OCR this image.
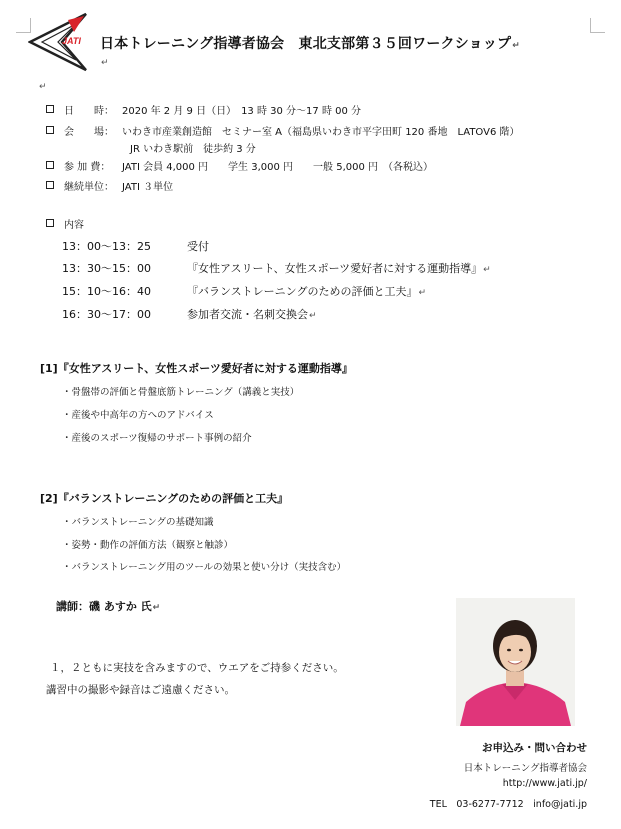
JATI 日本トレーニング指導者協会　東北支部第３５回ワークショップ↵
↵
↵
日　　時： 2020 年 2 月 9 日（日）　13 時 30 分～17 時 00 分
会　　場： いわき市産業創造館　セミナー室 A（福島県いわき市平字田町 120 番地　LATOV6 階）
JR いわき駅前　徒歩約 3 分
参 加 費： JATI 会員 4,000 円　　学生 3,000 円　　一般 5,000 円　（各税込）
継続単位： JATI ３単位
内容
13：00～13：25	受付
13：30～15：00	『女性アスリート、女性スポーツ愛好者に対する運動指導』↵
15：10～16：40	『バランストレーニングのための評価と工夫』↵
16：30～17：00	参加者交流・名刺交換会↵
[1]『女性アスリート、女性スポーツ愛好者に対する運動指導』
・骨盤帯の評価と骨盤底筋トレーニング（講義と実技）
・産後や中高年の方へのアドバイス
・産後のスポーツ復帰のサポート事例の紹介
[2]『バランストレーニングのための評価と工夫』
・バランストレーニングの基礎知識
・姿勢・動作の評価方法（観察と触診）
・バランストレーニング用のツールの効果と使い分け（実技含む）
講師：磯 あすか 氏↵
１，２ともに実技を含みますので、ウエアをご持参ください。
講習中の撮影や録音はご遠慮ください。
お申込み・問い合わせ
日本トレーニング指導者協会
http://www.jati.jp/
TEL　03-6277-7712　info@jati.jp
